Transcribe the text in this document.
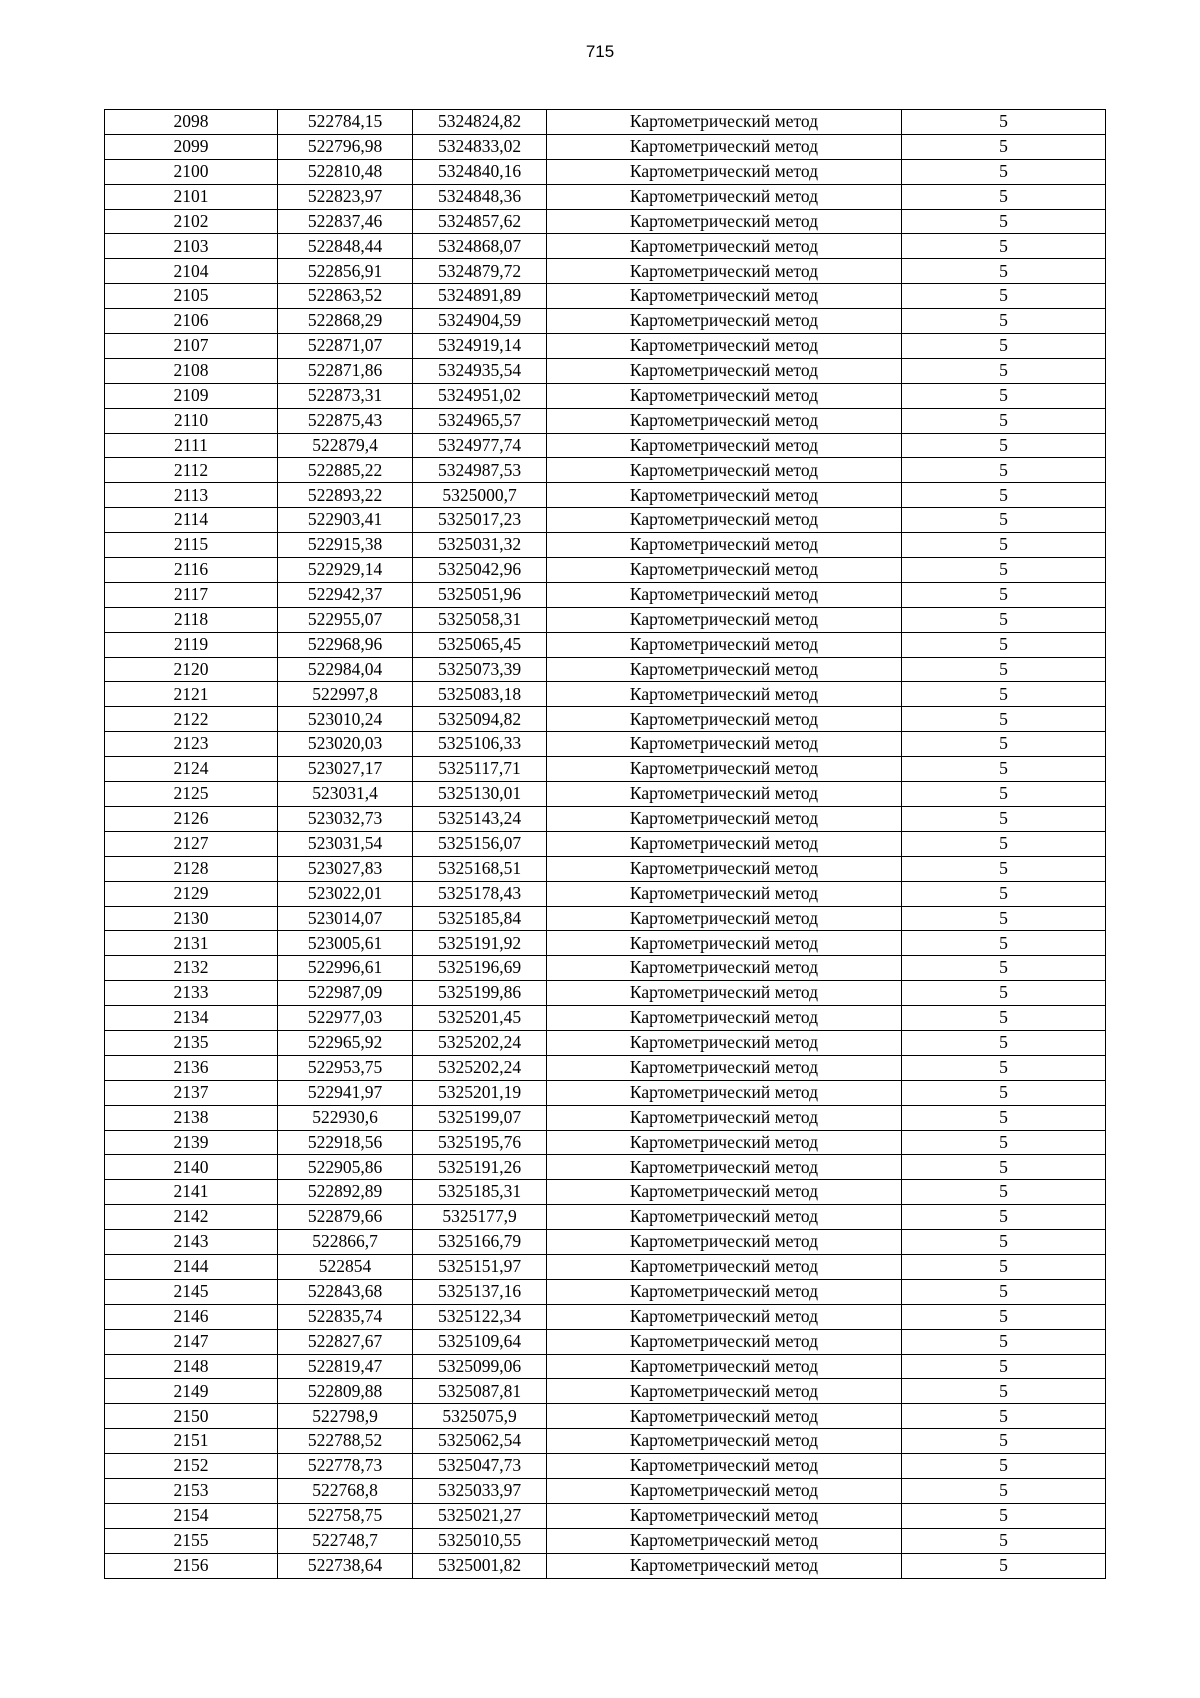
715
2098	522784,15	5324824,82	Картометрический метод	5
2099	522796,98	5324833,02	Картометрический метод	5
2100	522810,48	5324840,16	Картометрический метод	5
2101	522823,97	5324848,36	Картометрический метод	5
2102	522837,46	5324857,62	Картометрический метод	5
2103	522848,44	5324868,07	Картометрический метод	5
2104	522856,91	5324879,72	Картометрический метод	5
2105	522863,52	5324891,89	Картометрический метод	5
2106	522868,29	5324904,59	Картометрический метод	5
2107	522871,07	5324919,14	Картометрический метод	5
2108	522871,86	5324935,54	Картометрический метод	5
2109	522873,31	5324951,02	Картометрический метод	5
2110	522875,43	5324965,57	Картометрический метод	5
2111	522879,4	5324977,74	Картометрический метод	5
2112	522885,22	5324987,53	Картометрический метод	5
2113	522893,22	5325000,7	Картометрический метод	5
2114	522903,41	5325017,23	Картометрический метод	5
2115	522915,38	5325031,32	Картометрический метод	5
2116	522929,14	5325042,96	Картометрический метод	5
2117	522942,37	5325051,96	Картометрический метод	5
2118	522955,07	5325058,31	Картометрический метод	5
2119	522968,96	5325065,45	Картометрический метод	5
2120	522984,04	5325073,39	Картометрический метод	5
2121	522997,8	5325083,18	Картометрический метод	5
2122	523010,24	5325094,82	Картометрический метод	5
2123	523020,03	5325106,33	Картометрический метод	5
2124	523027,17	5325117,71	Картометрический метод	5
2125	523031,4	5325130,01	Картометрический метод	5
2126	523032,73	5325143,24	Картометрический метод	5
2127	523031,54	5325156,07	Картометрический метод	5
2128	523027,83	5325168,51	Картометрический метод	5
2129	523022,01	5325178,43	Картометрический метод	5
2130	523014,07	5325185,84	Картометрический метод	5
2131	523005,61	5325191,92	Картометрический метод	5
2132	522996,61	5325196,69	Картометрический метод	5
2133	522987,09	5325199,86	Картометрический метод	5
2134	522977,03	5325201,45	Картометрический метод	5
2135	522965,92	5325202,24	Картометрический метод	5
2136	522953,75	5325202,24	Картометрический метод	5
2137	522941,97	5325201,19	Картометрический метод	5
2138	522930,6	5325199,07	Картометрический метод	5
2139	522918,56	5325195,76	Картометрический метод	5
2140	522905,86	5325191,26	Картометрический метод	5
2141	522892,89	5325185,31	Картометрический метод	5
2142	522879,66	5325177,9	Картометрический метод	5
2143	522866,7	5325166,79	Картометрический метод	5
2144	522854	5325151,97	Картометрический метод	5
2145	522843,68	5325137,16	Картометрический метод	5
2146	522835,74	5325122,34	Картометрический метод	5
2147	522827,67	5325109,64	Картометрический метод	5
2148	522819,47	5325099,06	Картометрический метод	5
2149	522809,88	5325087,81	Картометрический метод	5
2150	522798,9	5325075,9	Картометрический метод	5
2151	522788,52	5325062,54	Картометрический метод	5
2152	522778,73	5325047,73	Картометрический метод	5
2153	522768,8	5325033,97	Картометрический метод	5
2154	522758,75	5325021,27	Картометрический метод	5
2155	522748,7	5325010,55	Картометрический метод	5
2156	522738,64	5325001,82	Картометрический метод	5
